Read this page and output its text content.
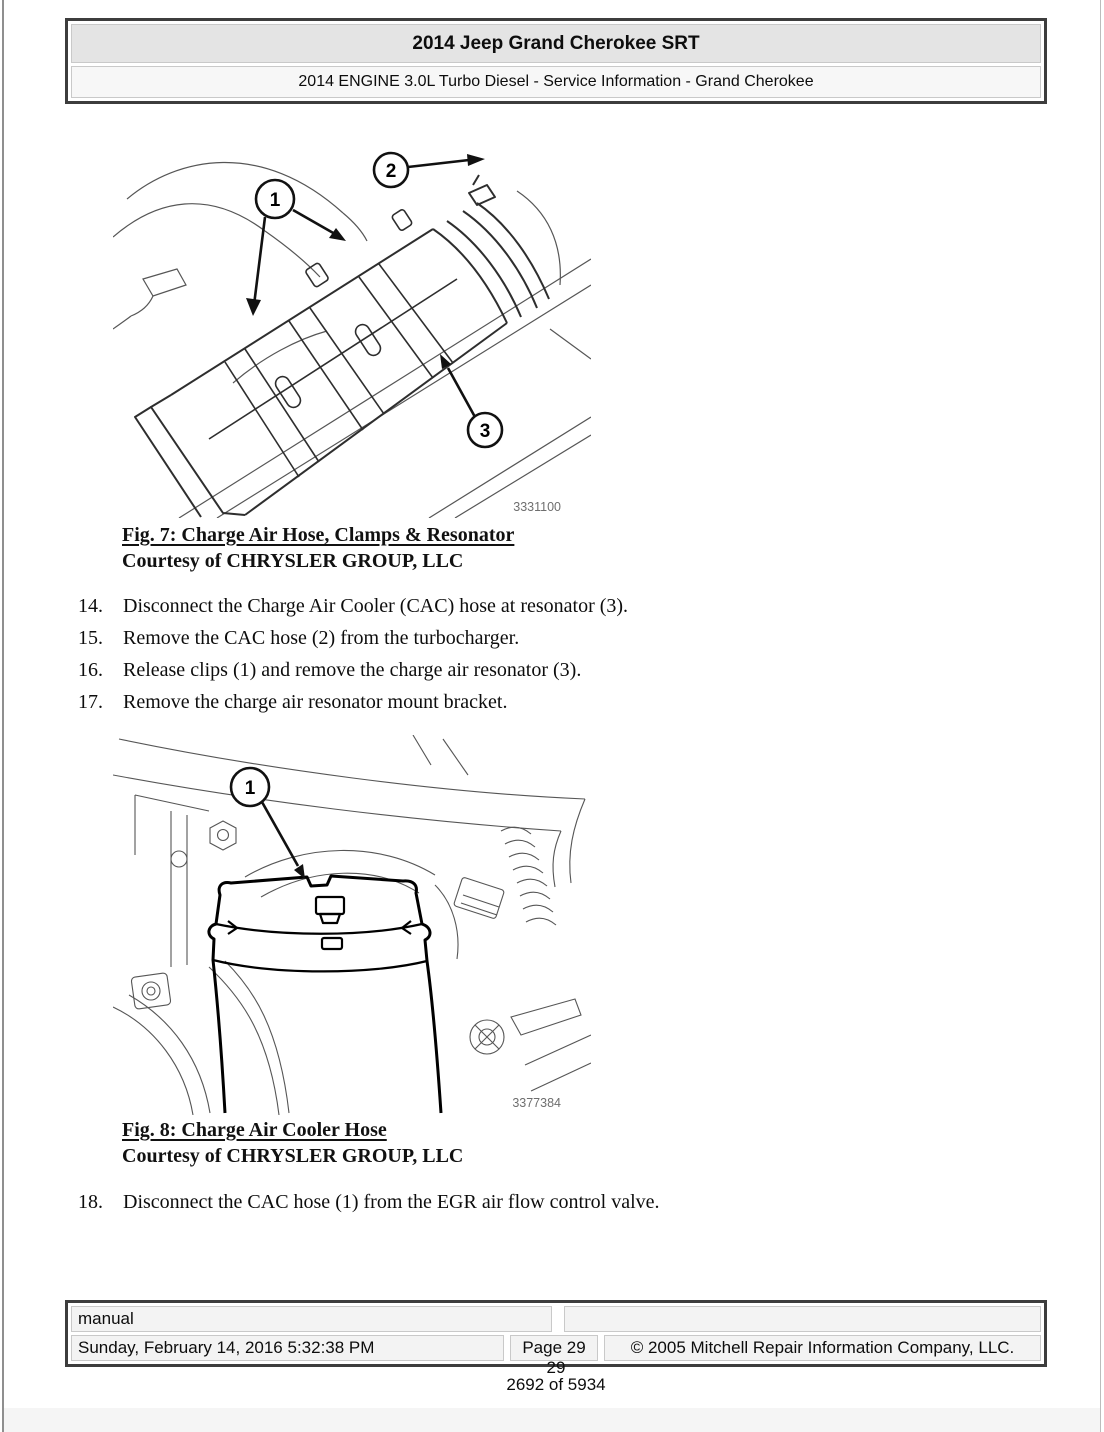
2014 Jeep Grand Cherokee SRT
2014 ENGINE 3.0L Turbo Diesel - Service Information - Grand Cherokee
1
2
3
3331100
Fig. 7: Charge Air Hose, Clamps & Resonator
Courtesy of CHRYSLER GROUP, LLC
14.	Disconnect the Charge Air Cooler (CAC) hose at resonator (3).
15.	Remove the CAC hose (2) from the turbocharger.
16.	Release clips (1) and remove the charge air resonator (3).
17.	Remove the charge air resonator mount bracket.
1
3377384
Fig. 8: Charge Air Cooler Hose
Courtesy of CHRYSLER GROUP, LLC
18.	Disconnect the CAC hose (1) from the EGR air flow control valve.
manual
Sunday, February 14, 2016 5:32:38 PM	Page 29	© 2005 Mitchell Repair Information Company, LLC.
29
2692 of 5934
